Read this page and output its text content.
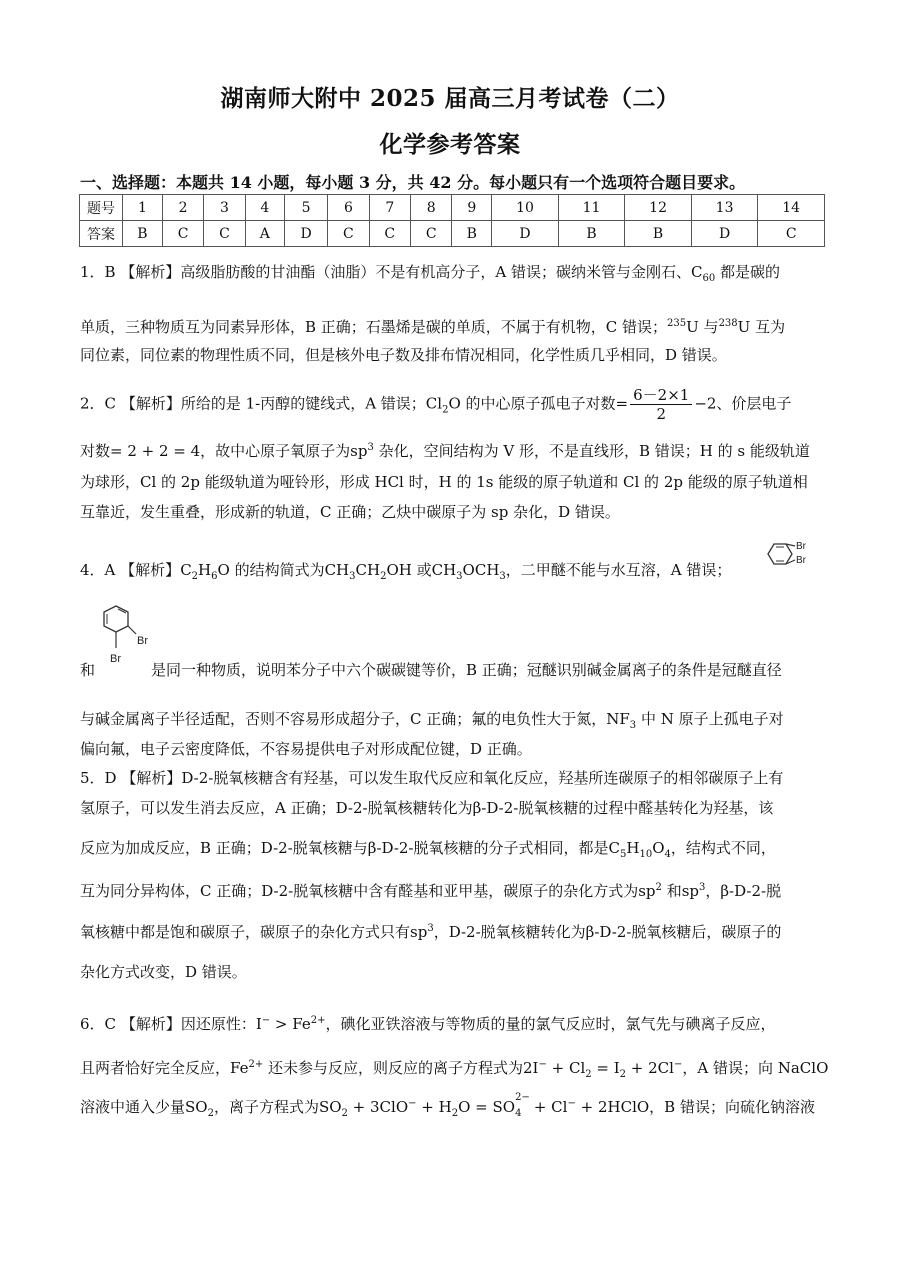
湖南师大附中 2025 届高三月考试卷（二）
化学参考答案
一、选择题：本题共 14 小题，每小题 3 分，共 42 分。每小题只有一个选项符合题目要求。
题号	1	2	3	4	5	6	7	8	9	10	11	12	13	14
答案	B	C	C	A	D	C	C	C	B	D	B	B	D	C
1．B 【解析】高级脂肪酸的甘油酯（油脂）不是有机高分子，A 错误；碳纳米管与金刚石、$C_{60}$ 都是碳的
单质，三种物质互为同素异形体，B 正确；石墨烯是碳的单质，不属于有机物，C 错误；$^{235}$U 与$^{238}$U 互为
同位素，同位素的物理性质不同，但是核外电子数及排布情况相同，化学性质几乎相同，D 错误。
2．C 【解析】所给的是 1-丙醇的键线式，A 错误；$Cl_2O$ 的中心原子孤电子对数= $\frac{6-2\times 1}{2} -2$、价层电子
对数= 2 + 2 = 4，故中心原子氧原子为$sp^3$ 杂化，空间结构为 V 形，不是直线形，B 错误；H 的 s 能级轨道
为球形，Cl 的 2p 能级轨道为哑铃形，形成 HCl 时，H 的 1s 能级的原子轨道和 Cl 的 2p 能级的原子轨道相
互靠近，发生重叠，形成新的轨道，C 正确；乙炔中碳原子为 sp 杂化，D 错误。
4．A 【解析】$C_2H_6O$ 的结构简式为$CH_3CH_2OH$ 或$CH_3OCH_3$，二甲醚不能与水互溶，A 错误；
Br
Br
Br
Br
和	是同一种物质，说明苯分子中六个碳碳键等价，B 正确；冠醚识别碱金属离子的条件是冠醚直径
与碱金属离子半径适配，否则不容易形成超分子，C 正确；氟的电负性大于氮，$NF_3$ 中 N 原子上孤电子对
偏向氟，电子云密度降低，不容易提供电子对形成配位键，D 正确。
5．D 【解析】D-2-脱氧核糖含有羟基，可以发生取代反应和氧化反应，羟基所连碳原子的相邻碳原子上有
氢原子，可以发生消去反应，A 正确；D-2-脱氧核糖转化为β-D-2-脱氧核糖的过程中醛基转化为羟基，该
反应为加成反应，B 正确；D-2-脱氧核糖与β-D-2-脱氧核糖的分子式相同，都是$C_5H_{10}O_4$，结构式不同，
互为同分异构体，C 正确；D-2-脱氧核糖中含有醛基和亚甲基，碳原子的杂化方式为$sp^2$ 和$sp^3$，β-D-2-脱
氧核糖中都是饱和碳原子，碳原子的杂化方式只有$sp^3$，D-2-脱氧核糖转化为β-D-2-脱氧核糖后，碳原子的
杂化方式改变，D 错误。
6．C 【解析】因还原性：$I^- > Fe^{2+}$，碘化亚铁溶液与等物质的量的氯气反应时，氯气先与碘离子反应，
且两者恰好完全反应，$Fe^{2+}$ 还未参与反应，则反应的离子方程式为$2I^- + Cl_2 = I_2 + 2Cl^-$，A 错误；向 NaClO
溶液中通入少量$SO_2$，离子方程式为$SO_2 + 3ClO^- + H_2O$ = SO
2−
4 + Cl− + 2HClO，B 错误；向硫化钠溶液
